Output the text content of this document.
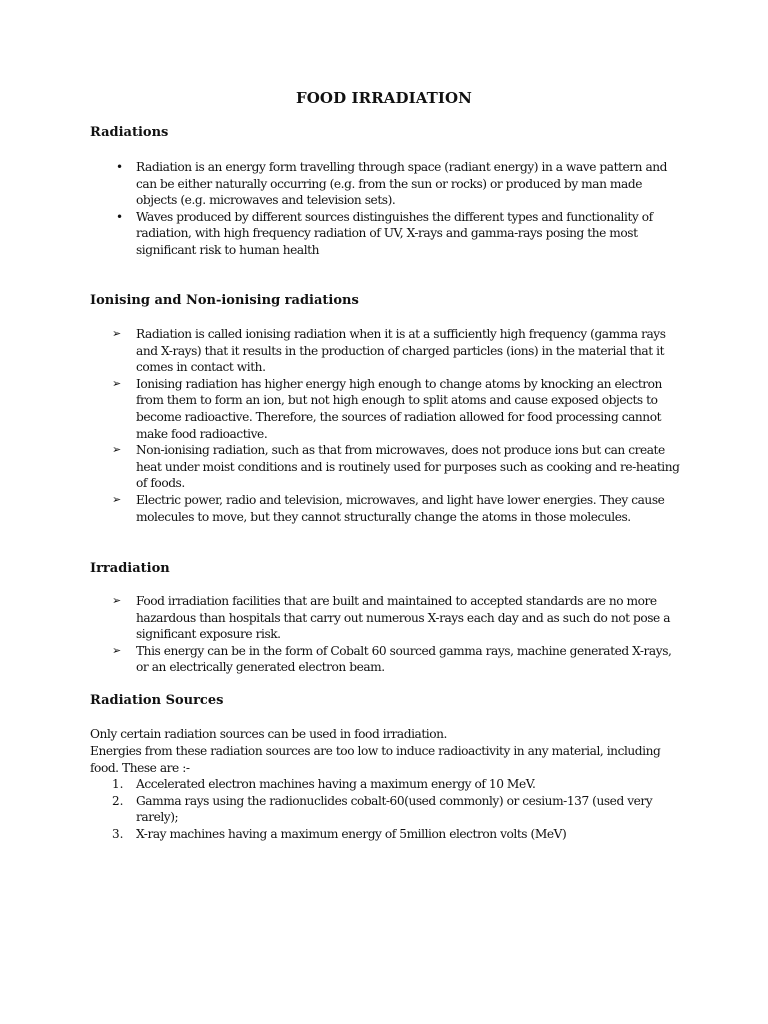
FOOD IRRADIATION
Radiations
•	Radiation is an energy form travelling through space (radiant energy) in a wave pattern and can be either naturally occurring (e.g. from the sun or rocks) or produced by man made objects (e.g. microwaves and television sets).
•	Waves produced by different sources distinguishes the different types and functionality of radiation, with high frequency radiation of UV, X-rays and gamma-rays posing the most significant risk to human health
Ionising and Non-ionising radiations
➢	Radiation is called ionising radiation when it is at a sufficiently high frequency (gamma rays and X-rays) that it results in the production of charged particles (ions) in the material that it comes in contact with.
➢	Ionising radiation has higher energy high enough to change atoms by knocking an electron from them to form an ion, but not high enough to split atoms and cause exposed objects to become radioactive. Therefore, the sources of radiation allowed for food processing cannot make food radioactive.
➢	Non-ionising radiation, such as that from microwaves, does not produce ions but can create heat under moist conditions and is routinely used for purposes such as cooking and re-heating of foods.
➢	Electric power, radio and television, microwaves, and light have lower energies. They cause molecules to move, but they cannot structurally change the atoms in those molecules.
Irradiation
➢	Food irradiation facilities that are built and maintained to accepted standards are no more hazardous than hospitals that carry out numerous X-rays each day and as such do not pose a significant exposure risk.
➢	This energy can be in the form of Cobalt 60 sourced gamma rays, machine generated X-rays, or an electrically generated electron beam.
Radiation Sources

Only certain radiation sources can be used in food irradiation.

Energies from these radiation sources are too low to induce radioactivity in any material, including food. These are :-

1.	Accelerated electron machines having a maximum energy of 10 MeV.
2.	Gamma rays using the radionuclides cobalt-60(used commonly) or cesium-137 (used very rarely);
3.	X-ray machines having a maximum energy of 5million electron volts (MeV)
